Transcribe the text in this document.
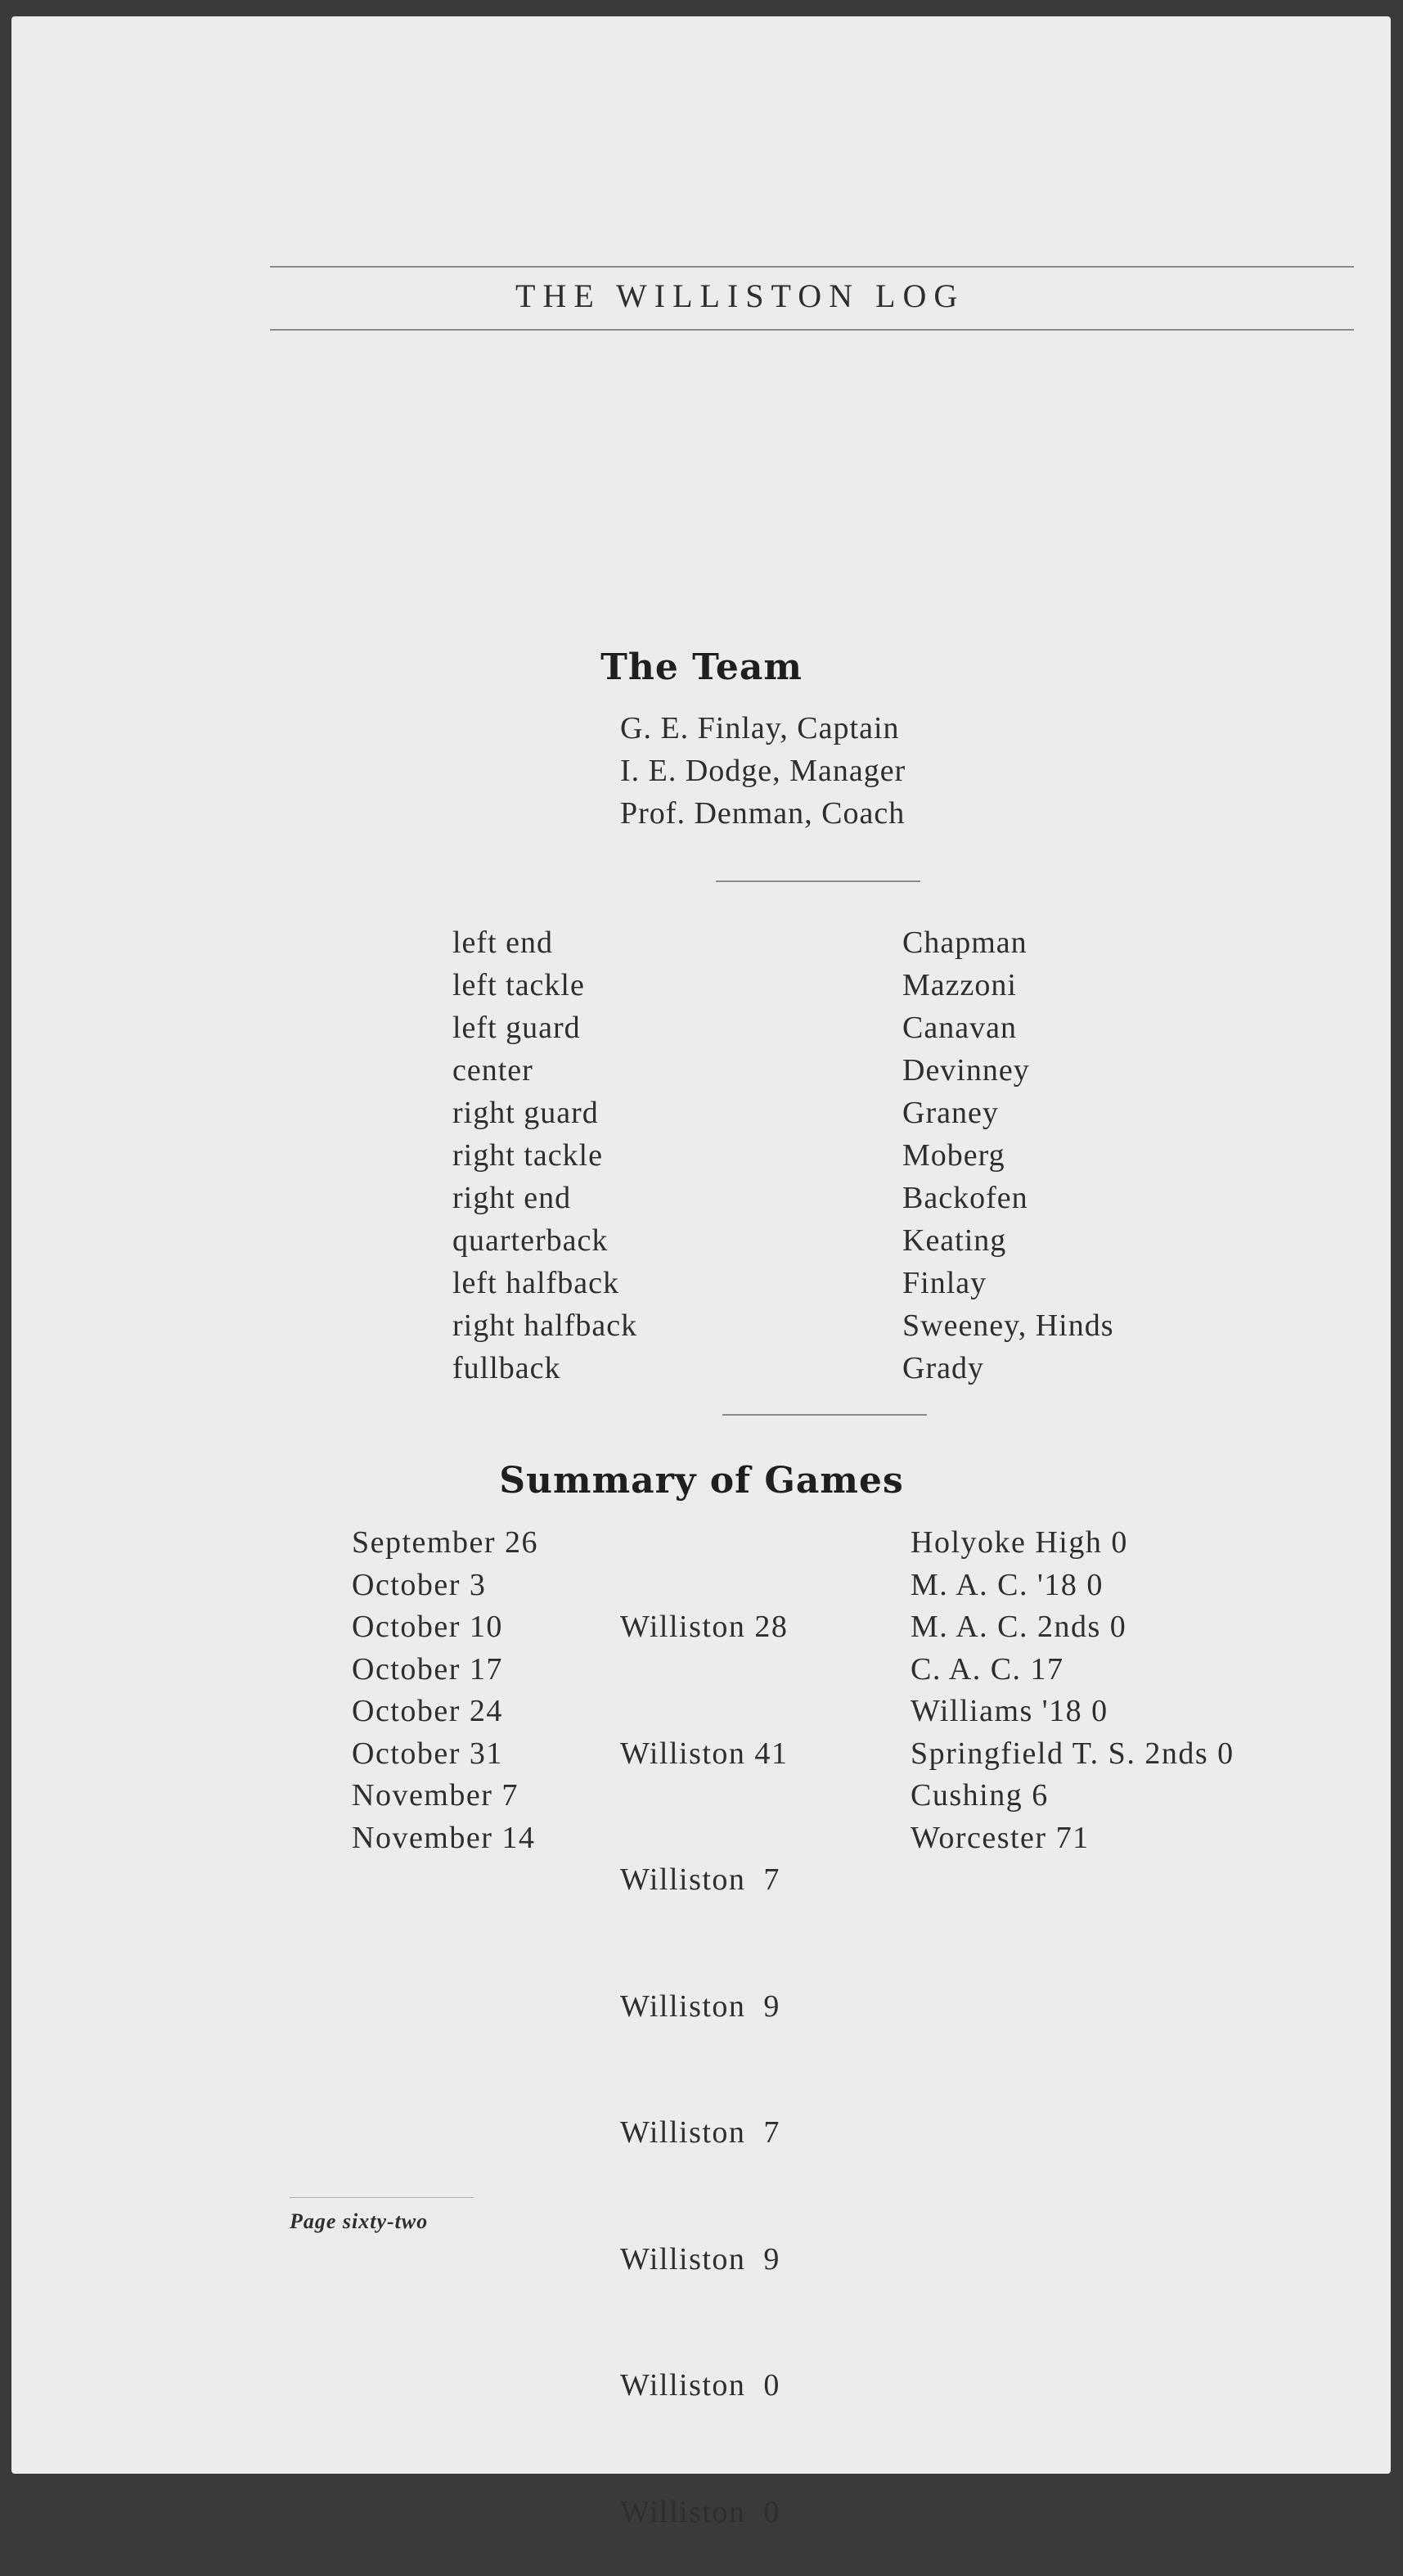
THE WILLISTON LOG
The Team
G. E. Finlay, Captain
I. E. Dodge, Manager
Prof. Denman, Coach
left end
left tackle
left guard
center
right guard
right tackle
right end
quarterback
left halfback
right halfback
fullback
Chapman
Mazzoni
Canavan
Devinney
Graney
Moberg
Backofen
Keating
Finlay
Sweeney, Hinds
Grady
Summary of Games
September 26
October 3
October 10
October 17
October 24
October 31
November 7
November 14

Williston 28

Williston 41

Williston  7

Williston  9

Williston  7

Williston  9

Williston  0

Williston  0

Holyoke High 0
M. A. C. '18 0
M. A. C. 2nds 0
C. A. C. 17
Williams '18 0
Springfield T. S. 2nds 0
Cushing 6
Worcester 71
Page sixty-two
